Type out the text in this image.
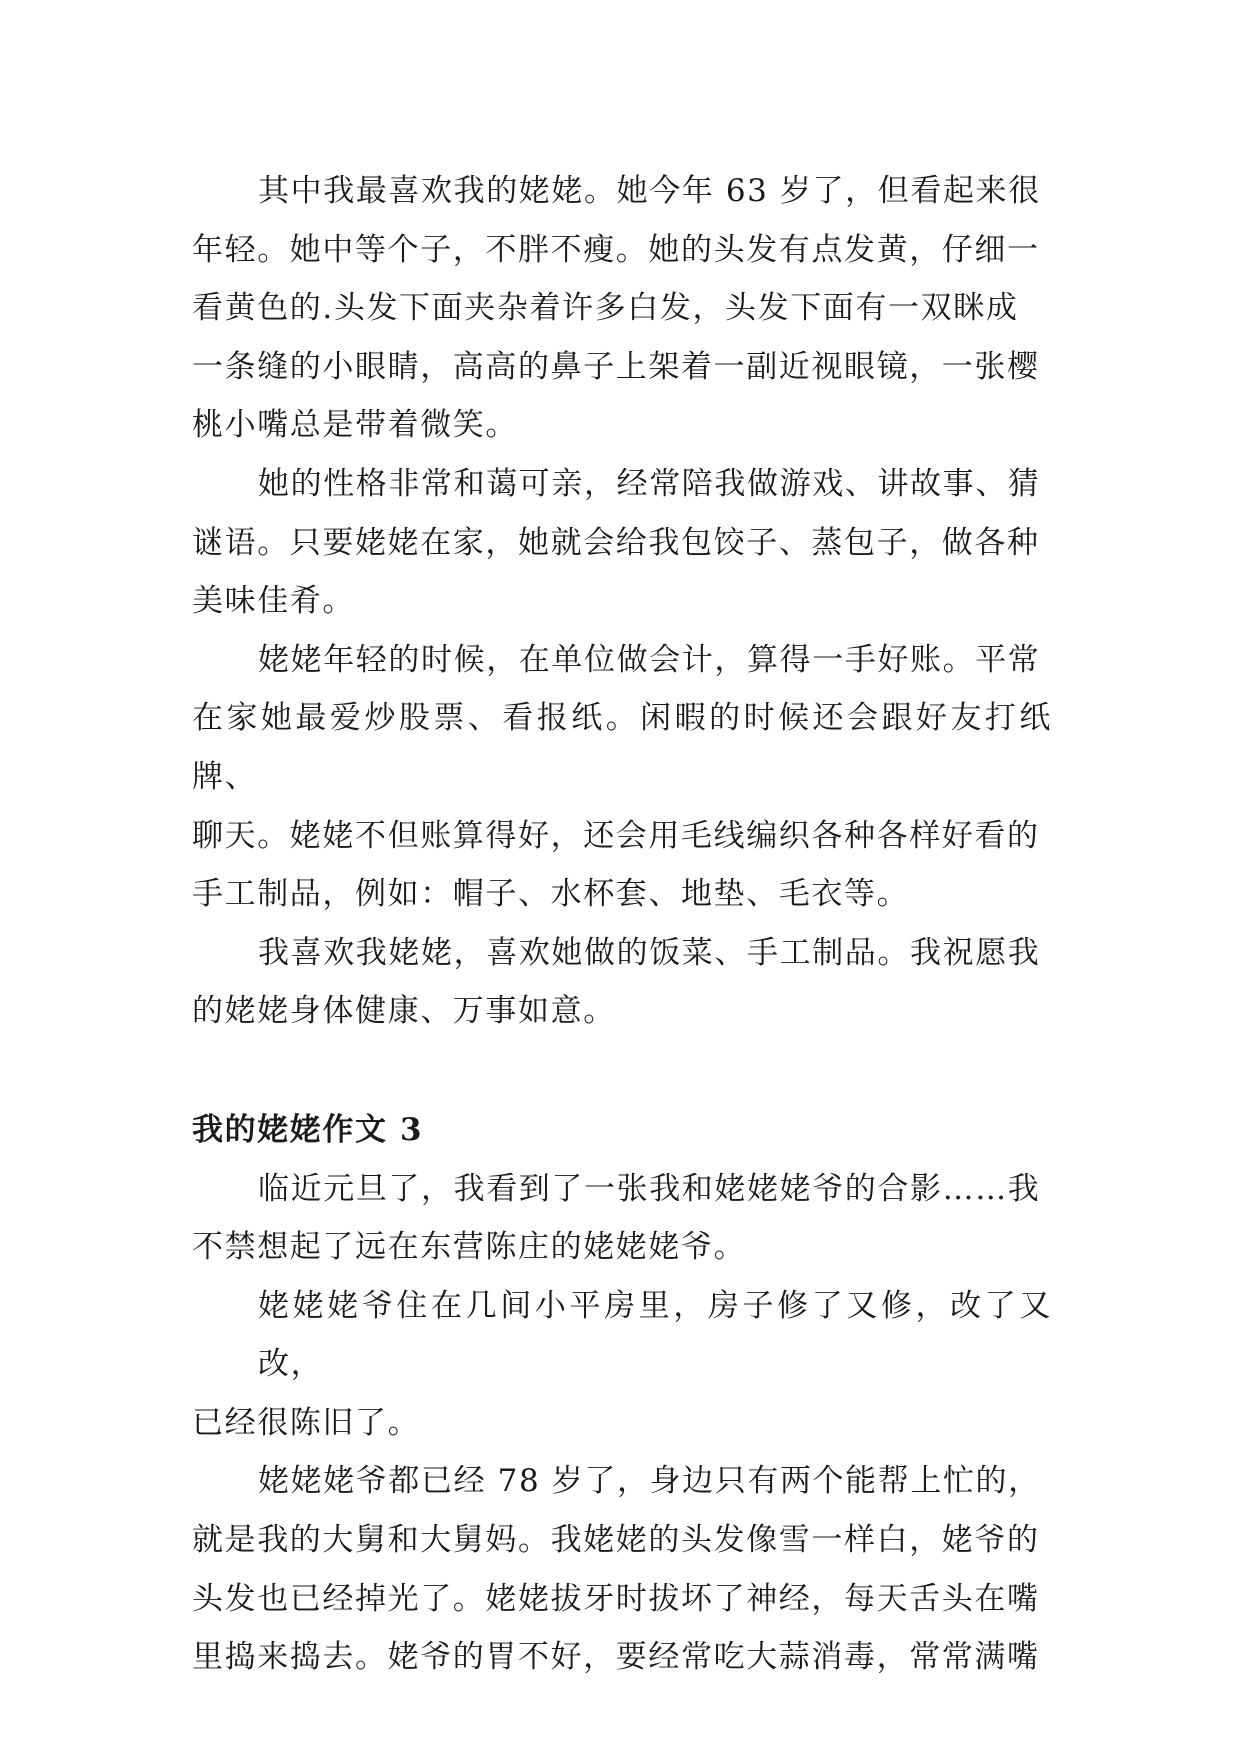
其中我最喜欢我的姥姥。她今年 63 岁了，但看起来很
年轻。她中等个子，不胖不瘦。她的头发有点发黄，仔细一
看黄色的.头发下面夹杂着许多白发，头发下面有一双眯成
一条缝的小眼睛，高高的鼻子上架着一副近视眼镜，一张樱
桃小嘴总是带着微笑。

她的性格非常和蔼可亲，经常陪我做游戏、讲故事、猜
谜语。只要姥姥在家，她就会给我包饺子、蒸包子，做各种
美味佳肴。

姥姥年轻的时候，在单位做会计，算得一手好账。平常
在家她最爱炒股票、看报纸。闲暇的时候还会跟好友打纸牌、
聊天。姥姥不但账算得好，还会用毛线编织各种各样好看的
手工制品，例如：帽子、水杯套、地垫、毛衣等。

我喜欢我姥姥，喜欢她做的饭菜、手工制品。我祝愿我
的姥姥身体健康、万事如意。

我的姥姥作文 3

临近元旦了，我看到了一张我和姥姥姥爷的合影……我
不禁想起了远在东营陈庄的姥姥姥爷。

姥姥姥爷住在几间小平房里，房子修了又修，改了又改，
已经很陈旧了。

姥姥姥爷都已经 78 岁了，身边只有两个能帮上忙的，
就是我的大舅和大舅妈。我姥姥的头发像雪一样白，姥爷的
头发也已经掉光了。姥姥拔牙时拔坏了神经，每天舌头在嘴
里捣来捣去。姥爷的胃不好，要经常吃大蒜消毒，常常满嘴
